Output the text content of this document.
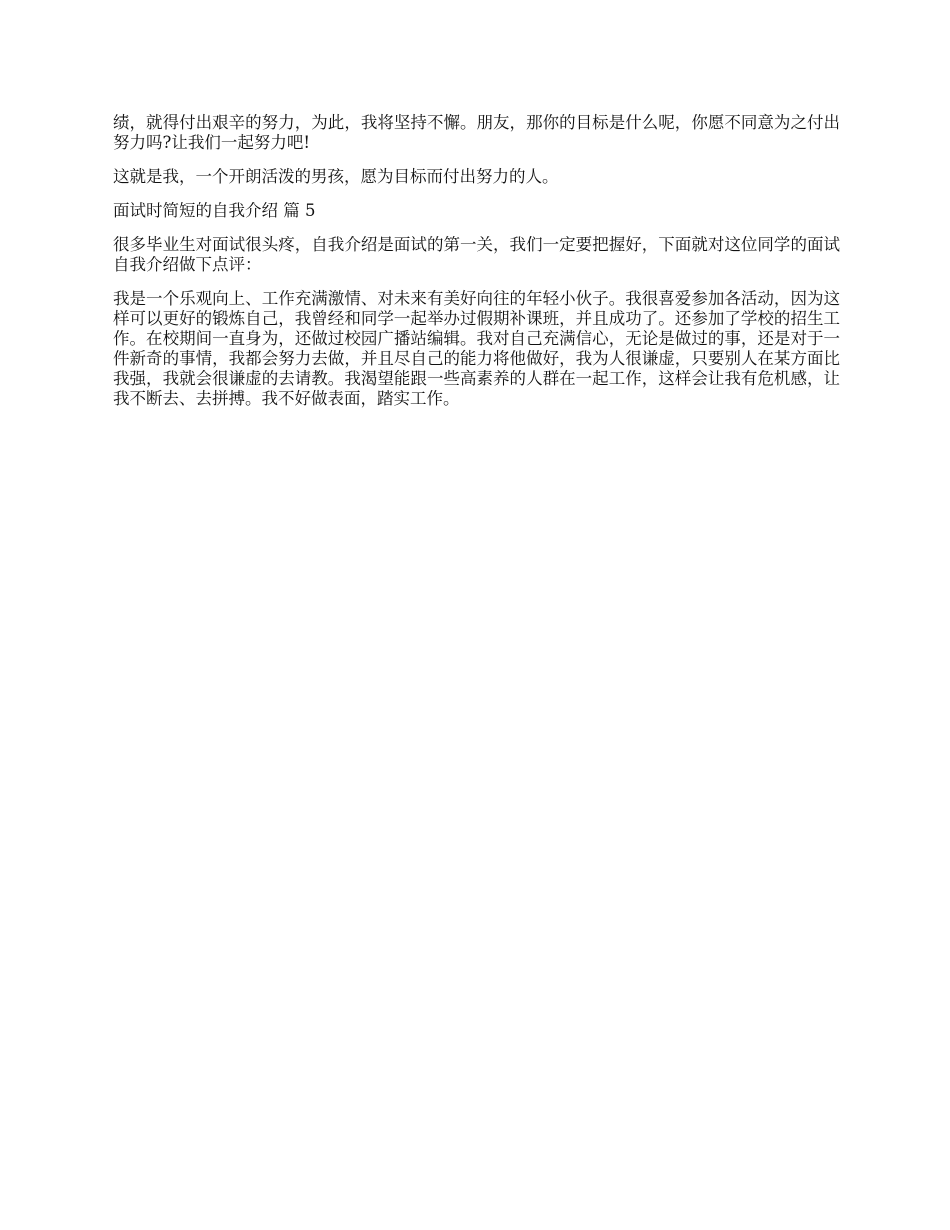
绩，就得付出艰辛的努力，为此，我将坚持不懈。朋友，那你的目标是什么呢，你愿不同意为之付出努力吗?让我们一起努力吧!

这就是我，一个开朗活泼的男孩，愿为目标而付出努力的人。

面试时简短的自我介绍 篇 5

很多毕业生对面试很头疼，自我介绍是面试的第一关，我们一定要把握好，下面就对这位同学的面试自我介绍做下点评：

我是一个乐观向上、工作充满激情、对未来有美好向往的年轻小伙子。我很喜爱参加各活动，因为这样可以更好的锻炼自己，我曾经和同学一起举办过假期补课班，并且成功了。还参加了学校的招生工作。在校期间一直身为，还做过校园广播站编辑。我对自己充满信心，无论是做过的事，还是对于一件新奇的事情，我都会努力去做，并且尽自己的能力将他做好，我为人很谦虚，只要别人在某方面比我强，我就会很谦虚的去请教。我渴望能跟一些高素养的人群在一起工作，这样会让我有危机感，让我不断去、去拼搏。我不好做表面，踏实工作。
